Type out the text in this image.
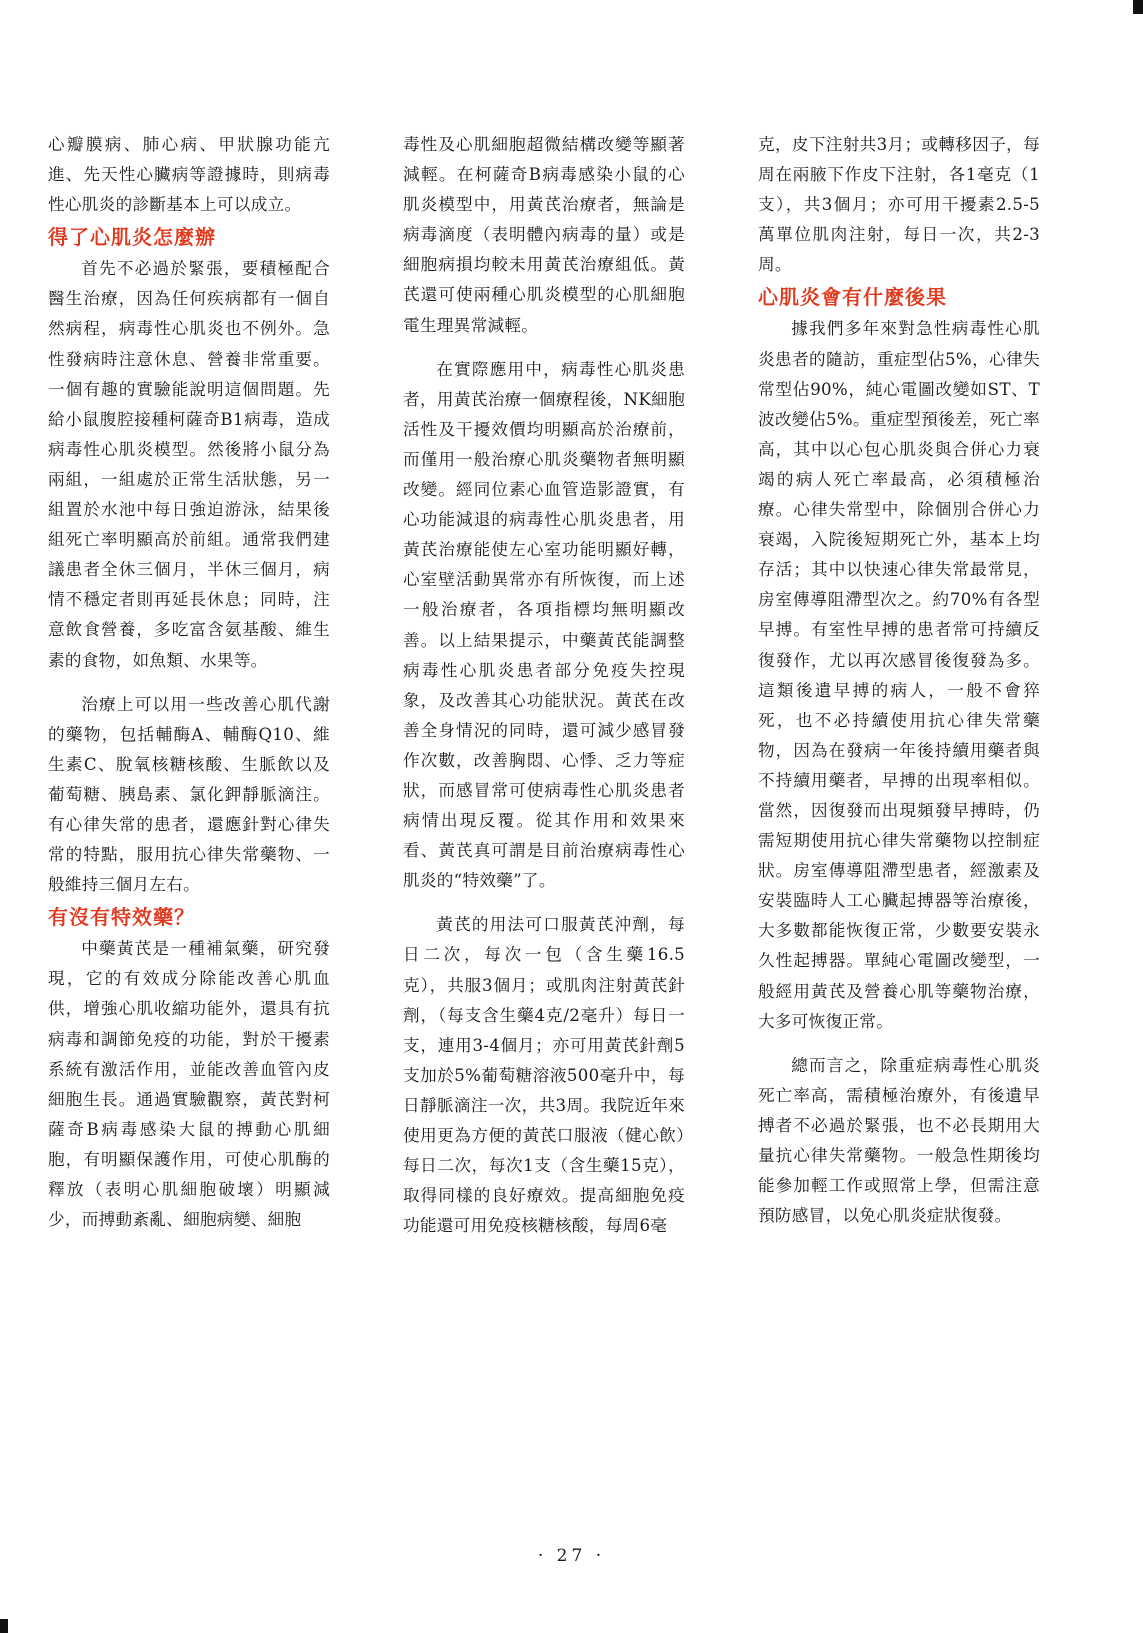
心瓣膜病、肺心病、甲狀腺功能亢進、先天性心臟病等證據時，則病毒性心肌炎的診斷基本上可以成立。

得了心肌炎怎麼辦

首先不必過於緊張，要積極配合醫生治療，因為任何疾病都有一個自然病程，病毒性心肌炎也不例外。急性發病時注意休息、營養非常重要。一個有趣的實驗能說明這個問題。先給小鼠腹腔接種柯薩奇B1病毒，造成病毒性心肌炎模型。然後將小鼠分為兩組，一組處於正常生活狀態，另一組置於水池中每日強迫游泳，結果後組死亡率明顯高於前組。通常我們建議患者全休三個月，半休三個月，病情不穩定者則再延長休息；同時，注意飲食營養，多吃富含氨基酸、維生素的食物，如魚類、水果等。

治療上可以用一些改善心肌代謝的藥物，包括輔酶A、輔酶Q10、維生素C、脫氧核糖核酸、生脈飲以及葡萄糖、胰島素、氯化鉀靜脈滴注。有心律失常的患者，還應針對心律失常的特點，服用抗心律失常藥物、一般維持三個月左右。

有沒有特效藥？

中藥黃芪是一種補氣藥，研究發現，它的有效成分除能改善心肌血供，增強心肌收縮功能外，還具有抗病毒和調節免疫的功能，對於干擾素系統有激活作用，並能改善血管內皮細胞生長。通過實驗觀察，黃芪對柯薩奇B病毒感染大鼠的搏動心肌細胞，有明顯保護作用，可使心肌酶的釋放（表明心肌細胞破壞）明顯減少，而搏動紊亂、細胞病變、細胞

毒性及心肌細胞超微結構改變等顯著減輕。在柯薩奇B病毒感染小鼠的心肌炎模型中，用黃芪治療者，無論是病毒滴度（表明體內病毒的量）或是細胞病損均較未用黃芪治療組低。黃芪還可使兩種心肌炎模型的心肌細胞電生理異常減輕。

在實際應用中，病毒性心肌炎患者，用黃芪治療一個療程後，NK細胞活性及干擾效價均明顯高於治療前，而僅用一般治療心肌炎藥物者無明顯改變。經同位素心血管造影證實，有心功能減退的病毒性心肌炎患者，用黃芪治療能使左心室功能明顯好轉，心室壁活動異常亦有所恢復，而上述一般治療者，各項指標均無明顯改善。以上結果提示，中藥黃芪能調整病毒性心肌炎患者部分免疫失控現象，及改善其心功能狀況。黃芪在改善全身情況的同時，還可減少感冒發作次數，改善胸悶、心悸、乏力等症狀，而感冒常可使病毒性心肌炎患者病情出現反覆。從其作用和效果來看、黃芪真可謂是目前治療病毒性心肌炎的“特效藥”了。

黃芪的用法可口服黃芪沖劑，每日二次，每次一包（含生藥16.5克），共服3個月；或肌肉注射黃芪針劑，（每支含生藥4克/2毫升）每日一支，連用3-4個月；亦可用黃芪針劑5支加於5%葡萄糖溶液500毫升中，每日靜脈滴注一次，共3周。我院近年來使用更為方便的黃芪口服液（健心飲）每日二次，每次1支（含生藥15克），取得同樣的良好療效。提高細胞免疫功能還可用免疫核糖核酸，每周6毫

克，皮下注射共3月；或轉移因子，每周在兩腋下作皮下注射，各1毫克（1支），共3個月；亦可用干擾素2.5-5萬單位肌肉注射，每日一次，共2-3周。

心肌炎會有什麼後果

據我們多年來對急性病毒性心肌炎患者的隨訪，重症型佔5%，心律失常型佔90%，純心電圖改變如ST、T波改變佔5%。重症型預後差，死亡率高，其中以心包心肌炎與合併心力衰竭的病人死亡率最高，必須積極治療。心律失常型中，除個別合併心力衰竭，入院後短期死亡外，基本上均存活；其中以快速心律失常最常見，房室傳導阻滯型次之。約70%有各型早搏。有室性早搏的患者常可持續反復發作，尤以再次感冒後復發為多。這類後遺早搏的病人，一般不會猝死，也不必持續使用抗心律失常藥物，因為在發病一年後持續用藥者與不持續用藥者，早搏的出現率相似。當然，因復發而出現頻發早搏時，仍需短期使用抗心律失常藥物以控制症狀。房室傳導阻滯型患者，經激素及安裝臨時人工心臟起搏器等治療後，大多數都能恢復正常，少數要安裝永久性起搏器。單純心電圖改變型，一般經用黃芪及營養心肌等藥物治療，大多可恢復正常。

總而言之，除重症病毒性心肌炎死亡率高，需積極治療外，有後遺早搏者不必過於緊張，也不必長期用大量抗心律失常藥物。一般急性期後均能參加輕工作或照常上學，但需注意預防感冒，以免心肌炎症狀復發。

· 27 ·
